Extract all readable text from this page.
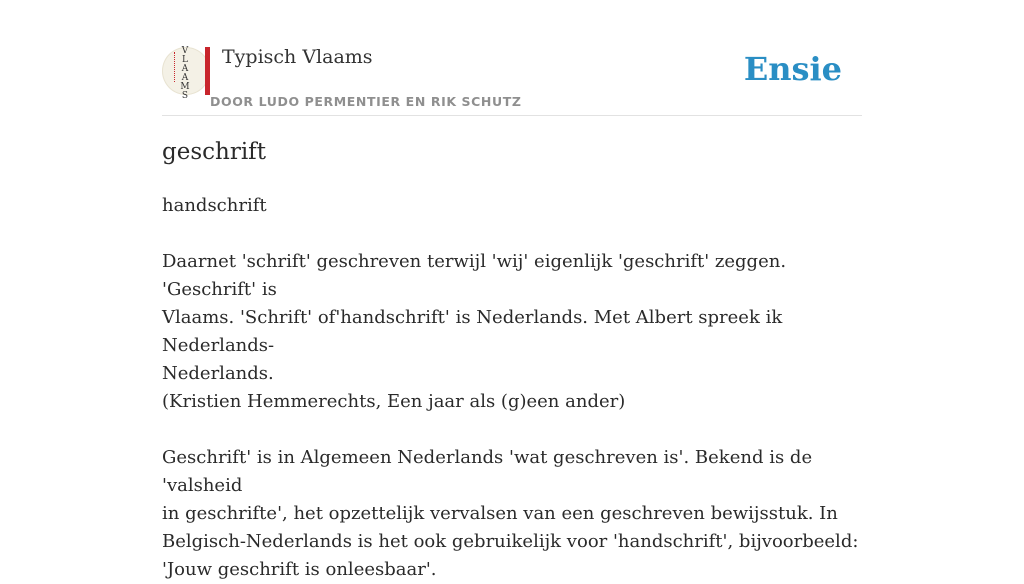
V
L
A
A
M
S
Typisch Vlaams
DOOR LUDO PERMENTIER EN RIK SCHUTZ
Ensie
geschrift

handschrift

Daarnet 'schrift' geschreven terwijl 'wij' eigenlijk 'geschrift' zeggen. 'Geschrift' is

Vlaams. 'Schrift' of'handschrift' is Nederlands. Met Albert spreek ik Nederlands-

Nederlands.

(Kristien Hemmerechts, Een jaar als (g)een ander)

Geschrift' is in Algemeen Nederlands 'wat geschreven is'. Bekend is de 'valsheid

in geschrifte', het opzettelijk vervalsen van een geschreven bewijsstuk. In

Belgisch-Nederlands is het ook gebruikelijk voor 'handschrift', bijvoorbeeld:

'Jouw geschrift is onleesbaar'.
